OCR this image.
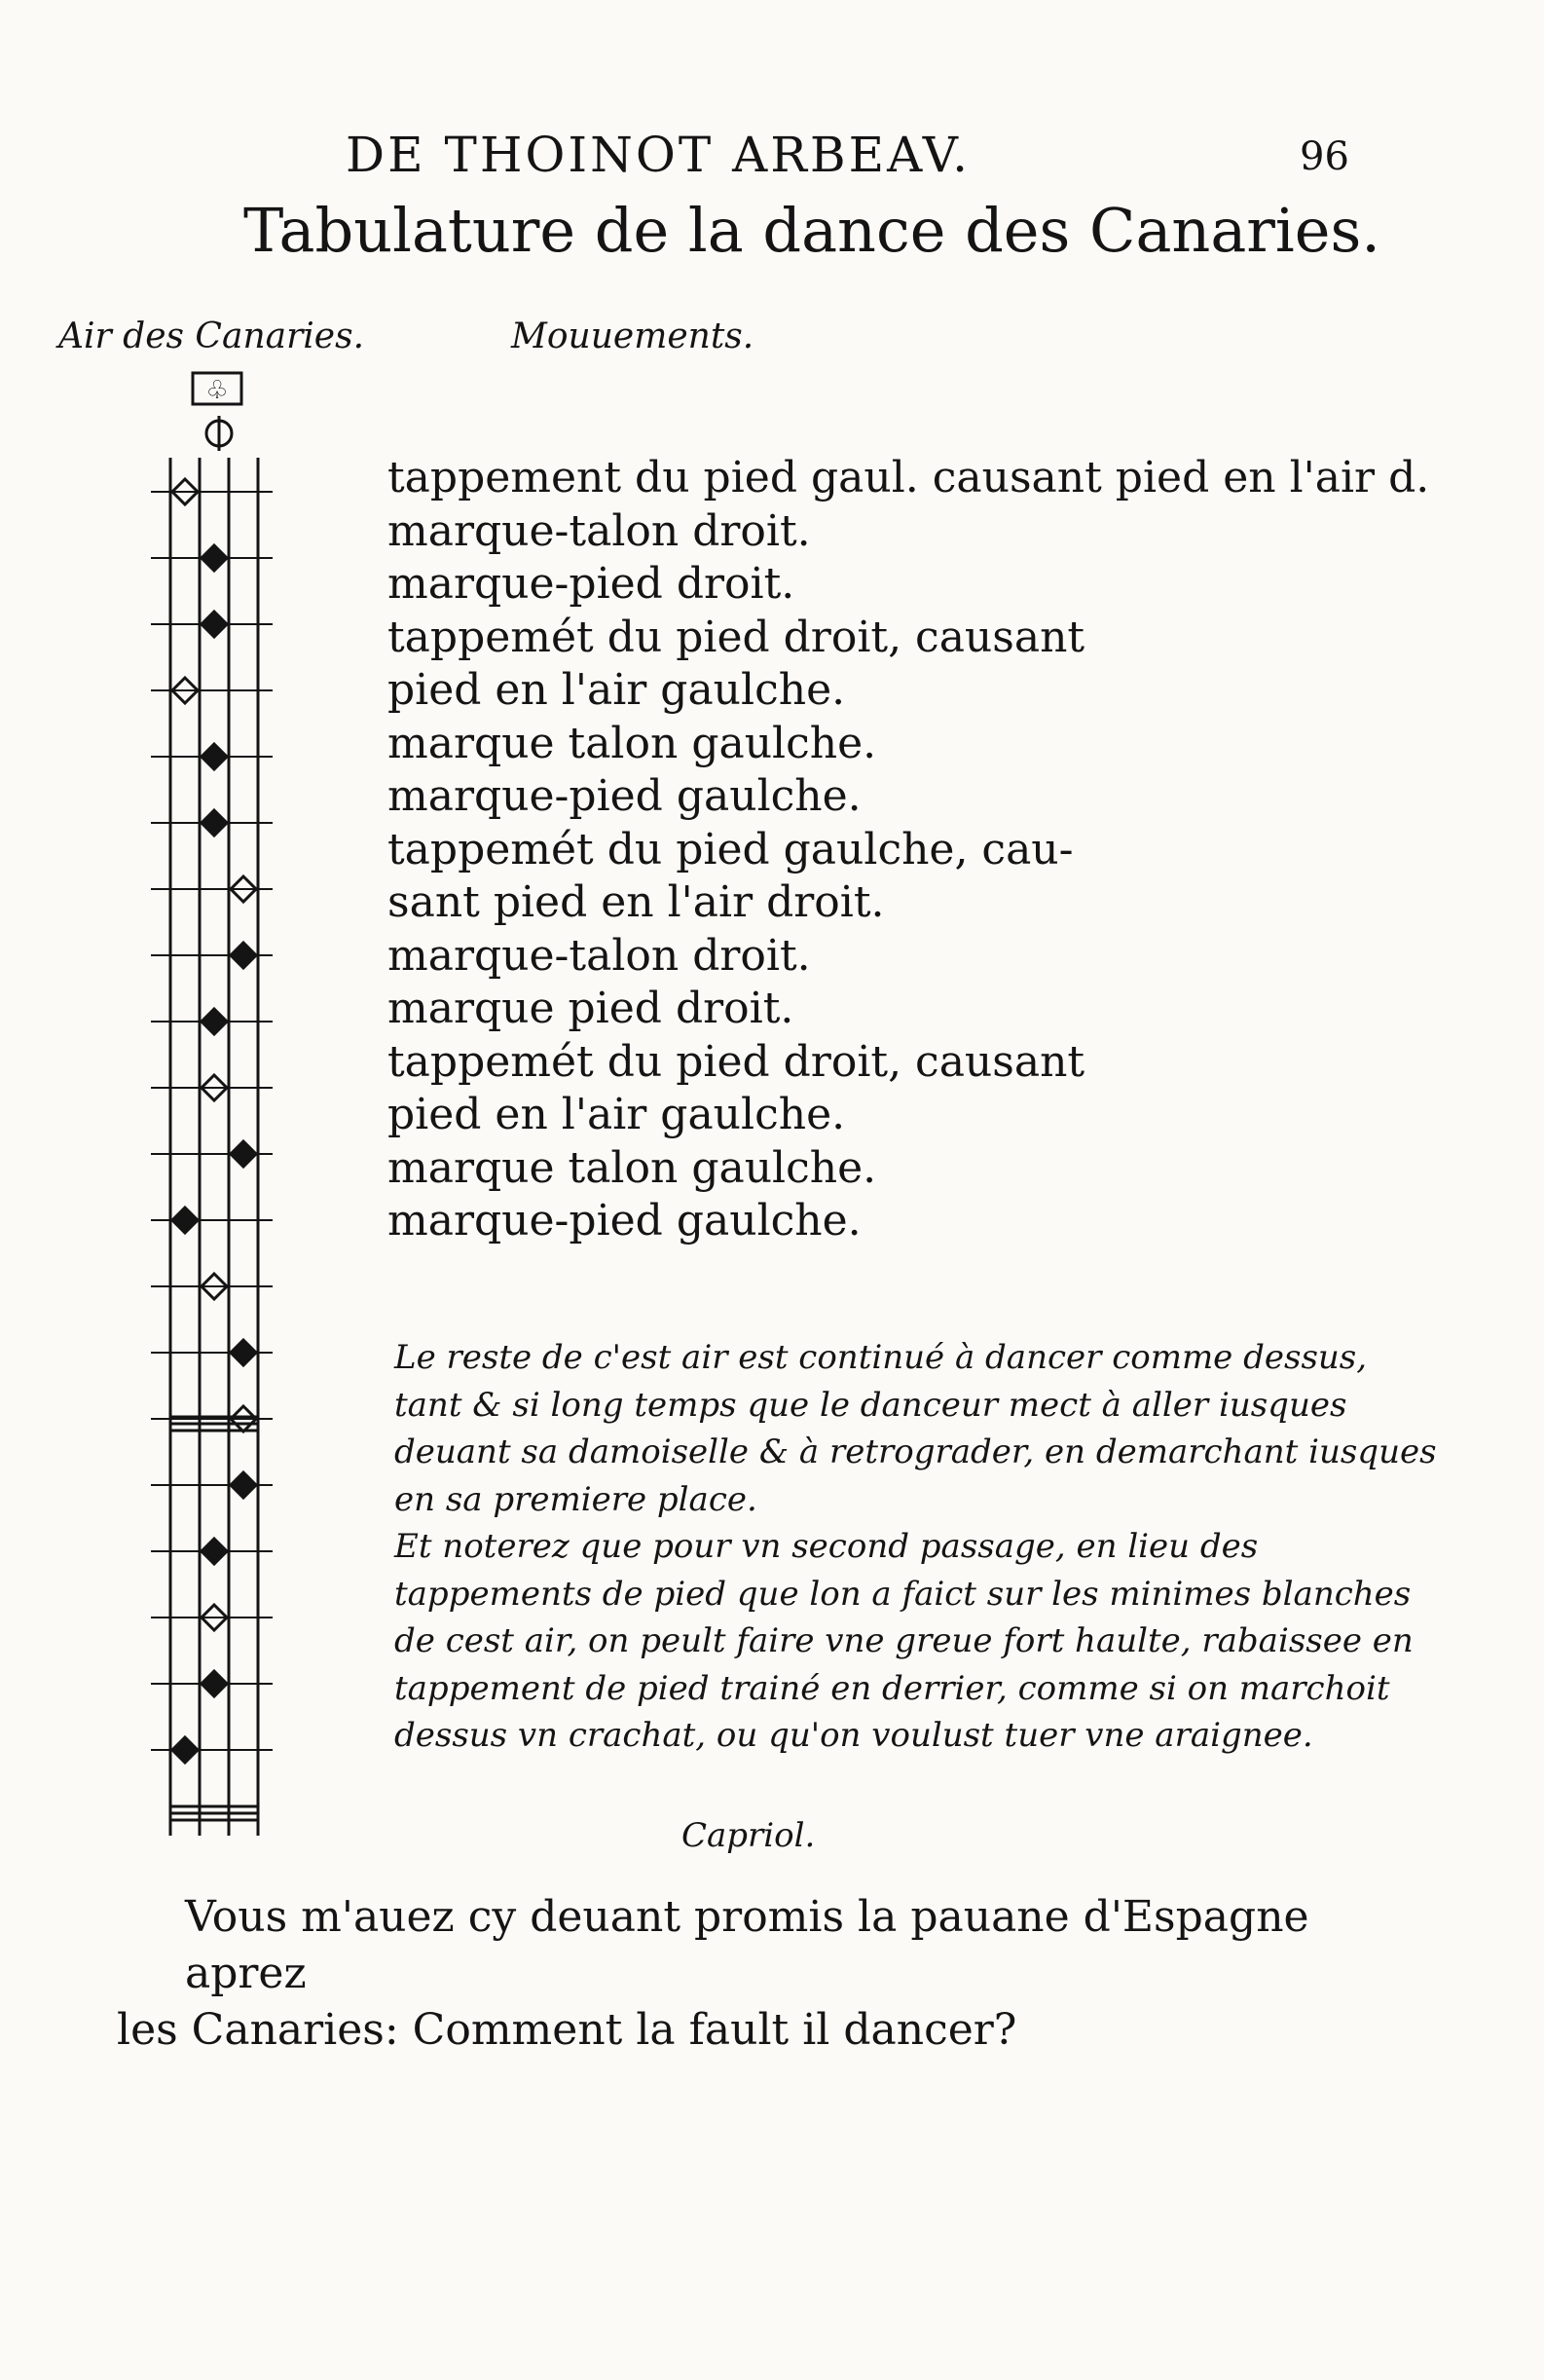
DE THOINOT ARBEAV.	96
Tabulature de la dance des Canaries.
Air des Canaries.	Mouuements.
♧
tappement du pied gaul. causant pied en l'air d.
marque-talon droit.
marque-pied droit.
tappemét du pied droit, causant
pied en l'air gaulche.
marque talon gaulche.
marque-pied gaulche.
tappemét du pied gaulche, cau-
sant pied en l'air droit.
marque-talon droit.
marque pied droit.
tappemét du pied droit, causant
pied en l'air gaulche.
marque talon gaulche.
marque-pied gaulche.

Le reste de c'est air est continué à dancer comme dessus, tant & si long temps que le danceur mect à aller iusques deuant sa damoiselle & à retrograder, en demarchant iusques en sa premiere place.

Et noterez que pour vn second passage, en lieu des tappements de pied que lon a faict sur les minimes blanches de cest air, on peult faire vne greue fort haulte, rabaissee en tappement de pied trainé en derrier, comme si on marchoit dessus vn crachat, ou qu'on voulust tuer vne araignee.

Capriol.
Vous m'auez cy deuant promis la pauane d'Espagne aprez
les Canaries: Comment la fault il dancer?
